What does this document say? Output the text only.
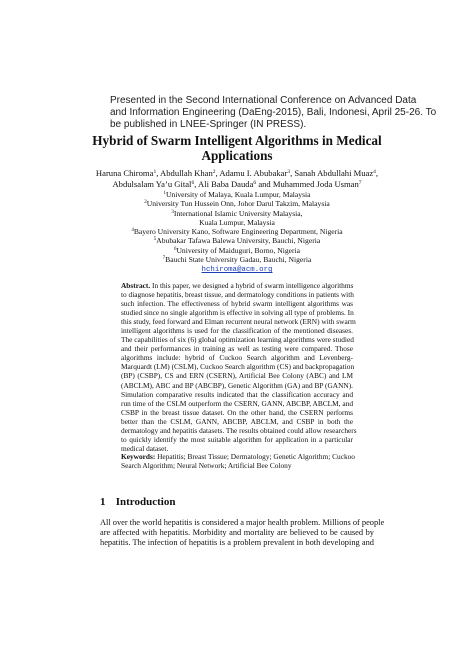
Presented in the Second International Conference on Advanced Data
and Information Engineering (DaEng-2015), Bali, Indonesi, April 25-26. To
be published in LNEE-Springer (IN PRESS).
Hybrid of Swarm Intelligent Algorithms in Medical
Applications
Haruna Chiroma$^1$, Abdullah Khan$^2$, Adamu I. Abubakar$^3$, Sanah Abdullahi Muaz$^4$,
Abdulsalam Ya’u Gital$^6$, Ali Baba Dauda$^6$ and Muhammed Joda Usman$^7$
$^1$University of Malaya, Kuala Lumpur, Malaysia
$^2$University Tun Hussein Onn, Johor Darul Takzim, Malaysia
$^3$International Islamic University Malaysia,
Kuala Lumpur, Malaysia
$^4$Bayero University Kano, Software Engineering Department, Nigeria
$^5$Abubakar Tafawa Balewa University, Bauchi, Nigeria
$^6$University of Maiduguri, Borno, Nigeria
$^7$Bauchi State University Gadau, Bauchi, Nigeria
hchiroma@acm.org
Abstract. In this paper, we designed a hybrid of swarm intelligence algorithms
to diagnose hepatitis, breast tissue, and dermatology conditions in patients with
such infection. The effectiveness of hybrid swarm intelligent algorithms was
studied since no single algorithm is effective in solving all type of problems. In
this study, feed forward and Elman recurrent neural network (ERN) with swarm
intelligent algorithms is used for the classification of the mentioned diseases.
The capabilities of six (6) global optimization learning algorithms were studied
and their performances in training as well as testing were compared. Those
algorithms include: hybrid of Cuckoo Search algorithm and Levenberg-
Marquardt (LM) (CSLM), Cuckoo Search algorithm (CS) and backpropagation
(BP) (CSBP), CS and ERN (CSERN), Artificial Bee Colony (ABC) and LM
(ABCLM), ABC and BP (ABCBP), Genetic Algorithm (GA) and BP (GANN).
Simulation comparative results indicated that the classification accuracy and
run time of the CSLM outperform the CSERN, GANN, ABCBP, ABCLM, and
CSBP in the breast tissue dataset. On the other hand, the CSERN performs
better than the CSLM, GANN, ABCBP, ABCLM, and CSBP in both the
dermatology and hepatitis datasets. The results obtained could allow researchers
to quickly identify the most suitable algorithm for application in a particular
medical dataset.
Keywords: Hepatitis; Breast Tissue; Dermatology; Genetic Algorithm; Cuckoo
Search Algorithm; Neural Network; Artificial Bee Colony
1 Introduction
All over the world hepatitis is considered a major health problem. Millions of people
are affected with hepatitis. Morbidity and mortality are believed to be caused by
hepatitis. The infection of hepatitis is a problem prevalent in both developing and
